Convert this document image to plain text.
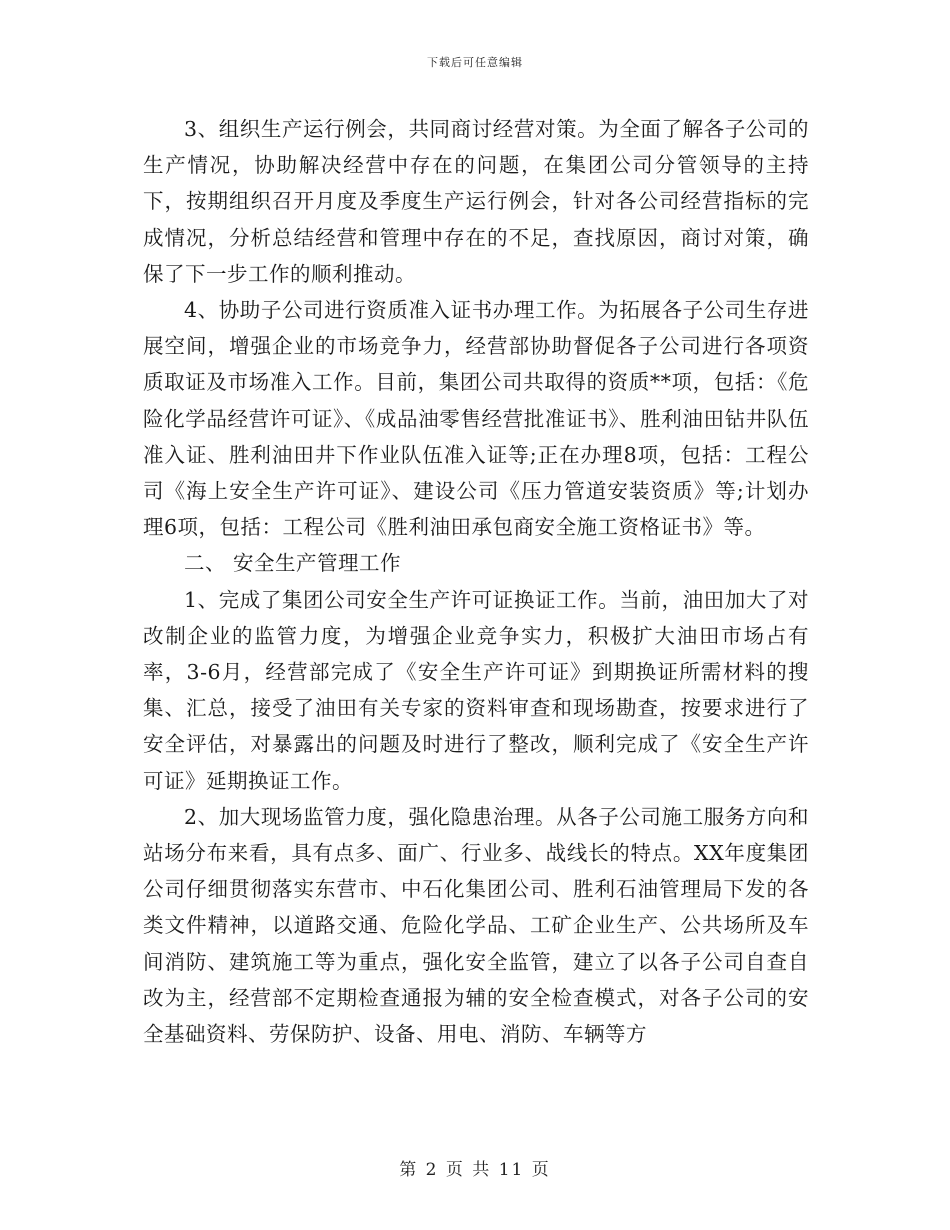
下载后可任意编辑

3、组织生产运行例会，共同商讨经营对策。为全面了解各子公司的生产情况，协助解决经营中存在的问题，在集团公司分管领导的主持下，按期组织召开月度及季度生产运行例会，针对各公司经营指标的完成情况，分析总结经营和管理中存在的不足，查找原因，商讨对策，确保了下一步工作的顺利推动。

4、协助子公司进行资质准入证书办理工作。为拓展各子公司生存进展空间，增强企业的市场竞争力，经营部协助督促各子公司进行各项资质取证及市场准入工作。目前，集团公司共取得的资质**项，包括：《危险化学品经营许可证》、《成品油零售经营批准证书》、胜利油田钻井队伍准入证、胜利油田井下作业队伍准入证等;正在办理8项，包括：工程公司《海上安全生产许可证》、建设公司《压力管道安装资质》等;计划办理6项，包括：工程公司《胜利油田承包商安全施工资格证书》等。

二、 安全生产管理工作

1、完成了集团公司安全生产许可证换证工作。当前，油田加大了对改制企业的监管力度，为增强企业竞争实力，积极扩大油田市场占有率，3-6月，经营部完成了《安全生产许可证》到期换证所需材料的搜集、汇总，接受了油田有关专家的资料审查和现场勘查，按要求进行了安全评估，对暴露出的问题及时进行了整改，顺利完成了《安全生产许可证》延期换证工作。

2、加大现场监管力度，强化隐患治理。从各子公司施工服务方向和站场分布来看，具有点多、面广、行业多、战线长的特点。XX年度集团公司仔细贯彻落实东营市、中石化集团公司、胜利石油管理局下发的各类文件精神，以道路交通、危险化学品、工矿企业生产、公共场所及车间消防、建筑施工等为重点，强化安全监管，建立了以各子公司自查自改为主，经营部不定期检查通报为辅的安全检查模式，对各子公司的安全基础资料、劳保防护、设备、用电、消防、车辆等方

第 2 页 共 11 页
